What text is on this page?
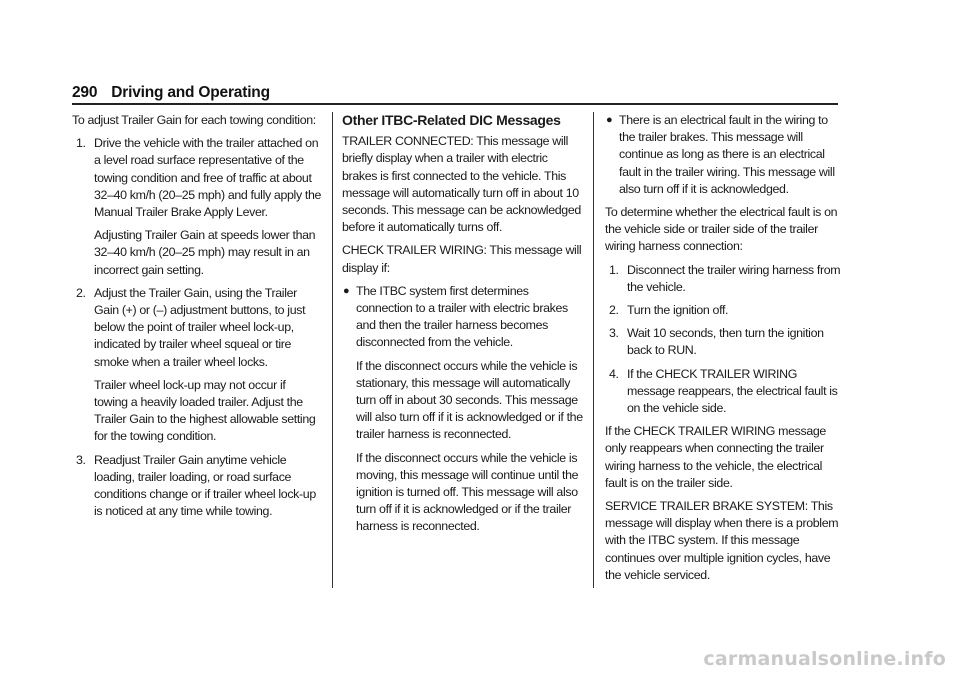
290 Driving and Operating

To adjust Trailer Gain for each towing condition:

1. Drive the vehicle with the trailer attached on a level road surface representative of the towing condition and free of traffic at about 32–40 km/h (20–25 mph) and fully apply the Manual Trailer Brake Apply Lever.

Adjusting Trailer Gain at speeds lower than 32–40 km/h (20–25 mph) may result in an incorrect gain setting.

2. Adjust the Trailer Gain, using the Trailer Gain (+) or (–) adjustment buttons, to just below the point of trailer wheel lock-up, indicated by trailer wheel squeal or tire smoke when a trailer wheel locks.

Trailer wheel lock-up may not occur if towing a heavily loaded trailer. Adjust the Trailer Gain to the highest allowable setting for the towing condition.

3. Readjust Trailer Gain anytime vehicle loading, trailer loading, or road surface conditions change or if trailer wheel lock-up is noticed at any time while towing.
Other ITBC-Related DIC Messages

TRAILER CONNECTED: This message will briefly display when a trailer with electric brakes is first connected to the vehicle. This message will automatically turn off in about 10 seconds. This message can be acknowledged before it automatically turns off.

CHECK TRAILER WIRING: This message will display if:

● The ITBC system first determines connection to a trailer with electric brakes and then the trailer harness becomes disconnected from the vehicle.

If the disconnect occurs while the vehicle is stationary, this message will automatically turn off in about 30 seconds. This message will also turn off if it is acknowledged or if the trailer harness is reconnected.

If the disconnect occurs while the vehicle is moving, this message will continue until the ignition is turned off. This message will also turn off if it is acknowledged or if the trailer harness is reconnected.

● There is an electrical fault in the wiring to the trailer brakes. This message will continue as long as there is an electrical fault in the trailer wiring. This message will also turn off if it is acknowledged.

To determine whether the electrical fault is on the vehicle side or trailer side of the trailer wiring harness connection:

1. Disconnect the trailer wiring harness from the vehicle.
2. Turn the ignition off.
3. Wait 10 seconds, then turn the ignition back to RUN.
4. If the CHECK TRAILER WIRING message reappears, the electrical fault is on the vehicle side.

If the CHECK TRAILER WIRING message only reappears when connecting the trailer wiring harness to the vehicle, the electrical fault is on the trailer side.

SERVICE TRAILER BRAKE SYSTEM: This message will display when there is a problem with the ITBC system. If this message continues over multiple ignition cycles, have the vehicle serviced.

carmanualsonline.info
